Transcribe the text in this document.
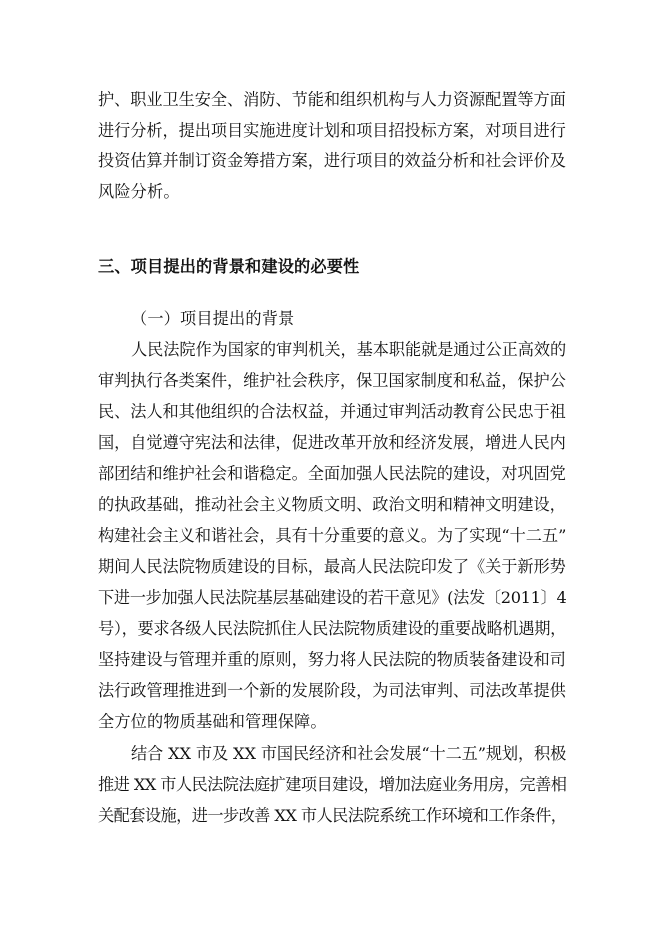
护、职业卫生安全、消防、节能和组织机构与人力资源配置等方面
进行分析，提出项目实施进度计划和项目招投标方案，对项目进行
投资估算并制订资金筹措方案，进行项目的效益分析和社会评价及
风险分析。
三、项目提出的背景和建设的必要性
（一）项目提出的背景
人民法院作为国家的审判机关，基本职能就是通过公正高效的
审判执行各类案件，维护社会秩序，保卫国家制度和私益，保护公
民、法人和其他组织的合法权益，并通过审判活动教育公民忠于祖
国，自觉遵守宪法和法律，促进改革开放和经济发展，增进人民内
部团结和维护社会和谐稳定。全面加强人民法院的建设，对巩固党
的执政基础，推动社会主义物质文明、政治文明和精神文明建设，
构建社会主义和谐社会，具有十分重要的意义。为了实现“十二五”
期间人民法院物质建设的目标，最高人民法院印发了《关于新形势
下进一步加强人民法院基层基础建设的若干意见》(法发〔2011〕4
号），要求各级人民法院抓住人民法院物质建设的重要战略机遇期，
坚持建设与管理并重的原则，努力将人民法院的物质装备建设和司
法行政管理推进到一个新的发展阶段，为司法审判、司法改革提供
全方位的物质基础和管理保障。
结合 XX 市及 XX 市国民经济和社会发展“十二五”规划，积极
推进 XX 市人民法院法庭扩建项目建设，增加法庭业务用房，完善相
关配套设施，进一步改善 XX 市人民法院系统工作环境和工作条件，
